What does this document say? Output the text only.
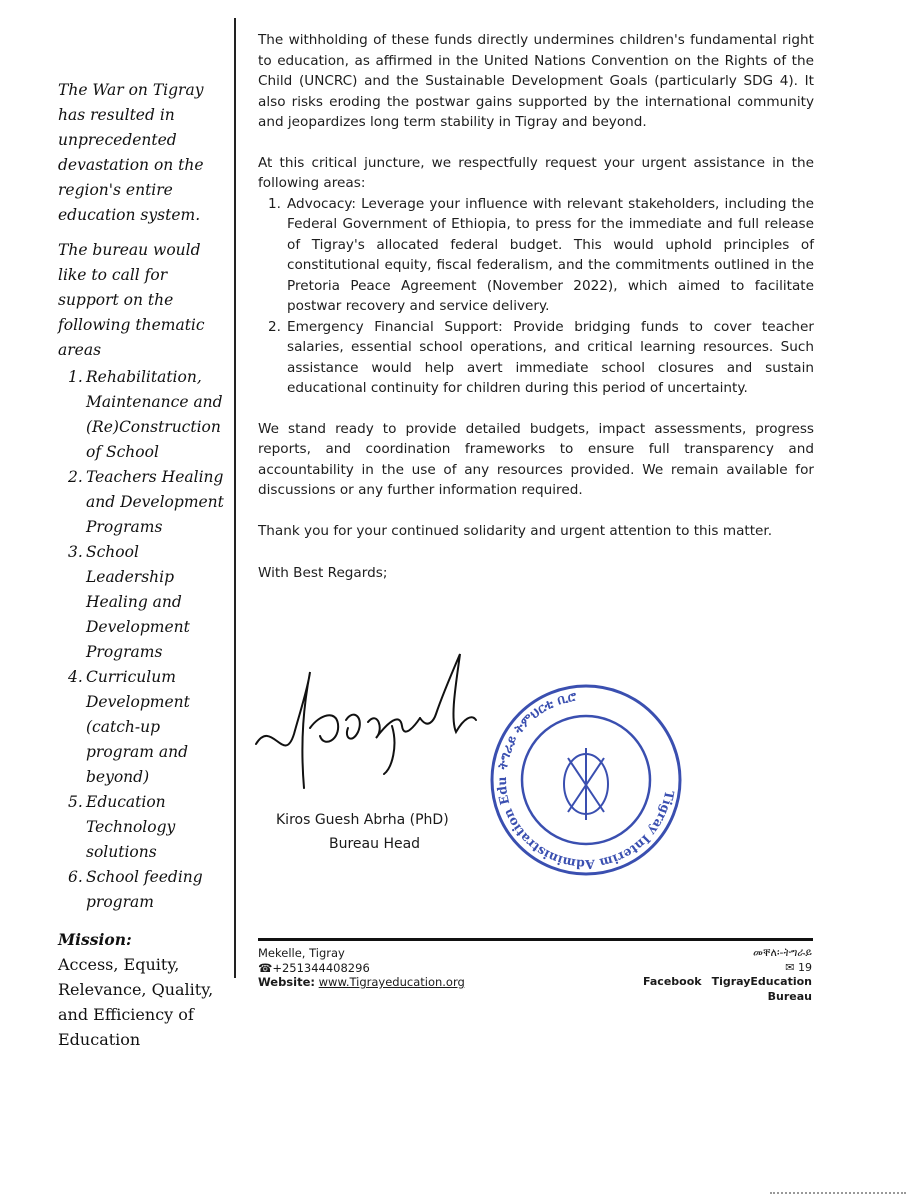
The War on Tigray has resulted in unprecedented devastation on the region's entire education system.

The bureau would like to call for support on the following thematic areas

1. Rehabilitation, Maintenance and (Re)Construction of School
2. Teachers Healing and Development Programs
3. School Leadership Healing and Development Programs
4. Curriculum Development (catch-up program and beyond)
5. Education Technology solutions
6. School feeding program
Mission:
Access, Equity, Relevance, Quality, and Efficiency of Education

The withholding of these funds directly undermines children's fundamental right to education, as affirmed in the United Nations Convention on the Rights of the Child (UNCRC) and the Sustainable Development Goals (particularly SDG 4). It also risks eroding the postwar gains supported by the international community and jeopardizes long term stability in Tigray and beyond.

At this critical juncture, we respectfully request your urgent assistance in the following areas:

1. Advocacy: Leverage your influence with relevant stakeholders, including the Federal Government of Ethiopia, to press for the immediate and full release of Tigray's allocated federal budget. This would uphold principles of constitutional equity, fiscal federalism, and the commitments outlined in the Pretoria Peace Agreement (November 2022), which aimed to facilitate postwar recovery and service delivery.
2. Emergency Financial Support: Provide bridging funds to cover teacher salaries, essential school operations, and critical learning resources. Such assistance would help avert immediate school closures and sustain educational continuity for children during this period of uncertainty.

We stand ready to provide detailed budgets, impact assessments, progress reports, and coordination frameworks to ensure full transparency and accountability in the use of any resources provided. We remain available for discussions or any further information required.

Thank you for your continued solidarity and urgent attention to this matter.

With Best Regards;

Kiros Guesh Abrha (PhD)
Bureau Head
ትግራይ ትምህርቲ ቢሮ
Tigray Interim Administration Edu
Mekelle, Tigray
☎+251344408296
Website: www.Tigrayeducation.org
መቐለ፡-ትግራይ
✉ 19
Facebook TigrayEducation Bureau
